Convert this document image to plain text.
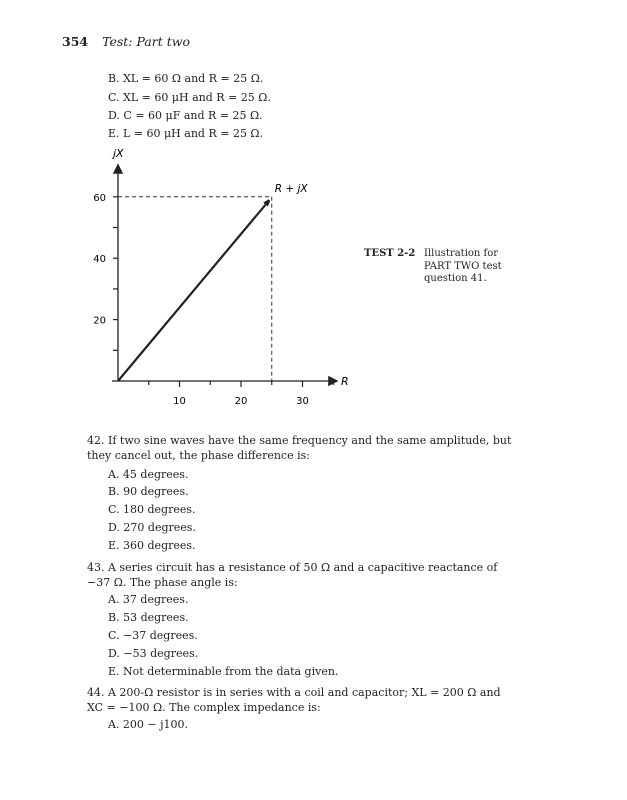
354 Test: Part two
B. XL = 60 Ω and R = 25 Ω.
C. XL = 60 μH and R = 25 Ω.
D. C = 60 μF and R = 25 Ω.
E. L = 60 μH and R = 25 Ω.
jX
R
10	20	30
20
40
60
R + jX
TEST 2-2 Illustration for PART TWO test question 41.
42. If two sine waves have the same frequency and the same amplitude, but they cancel out, the phase difference is:
A. 45 degrees.
B. 90 degrees.
C. 180 degrees.
D. 270 degrees.
E. 360 degrees.
43. A series circuit has a resistance of 50 Ω and a capacitive reactance of −37 Ω. The phase angle is:
A. 37 degrees.
B. 53 degrees.
C. −37 degrees.
D. −53 degrees.
E. Not determinable from the data given.
44. A 200-Ω resistor is in series with a coil and capacitor; XL = 200 Ω and XC = −100 Ω. The complex impedance is:
A. 200 − j100.
